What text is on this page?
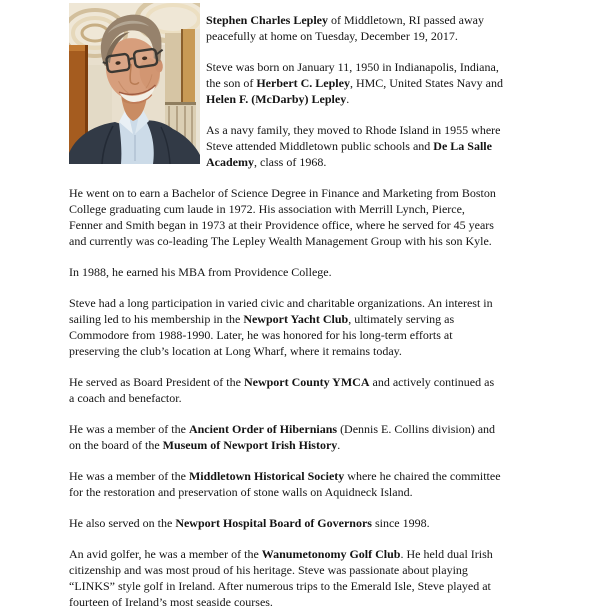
Stephen Charles Lepley of Middletown, RI passed away
peacefully at home on Tuesday, December 19, 2017.

Steve was born on January 11, 1950 in Indianapolis, Indiana,
the son of Herbert C. Lepley, HMC, United States Navy and
Helen F. (McDarby) Lepley.

As a navy family, they moved to Rhode Island in 1955 where
Steve attended Middletown public schools and De La Salle
Academy, class of 1968.

He went on to earn a Bachelor of Science Degree in Finance and Marketing from Boston
College graduating cum laude in 1972. His association with Merrill Lynch, Pierce,
Fenner and Smith began in 1973 at their Providence office, where he served for 45 years
and currently was co-leading The Lepley Wealth Management Group with his son Kyle.

In 1988, he earned his MBA from Providence College.

Steve had a long participation in varied civic and charitable organizations. An interest in
sailing led to his membership in the Newport Yacht Club, ultimately serving as
Commodore from 1988-1990. Later, he was honored for his long-term efforts at
preserving the club’s location at Long Wharf, where it remains today.

He served as Board President of the Newport County YMCA and actively continued as
a coach and benefactor.

He was a member of the Ancient Order of Hibernians (Dennis E. Collins division) and
on the board of the Museum of Newport Irish History.

He was a member of the Middletown Historical Society where he chaired the committee
for the restoration and preservation of stone walls on Aquidneck Island.

He also served on the Newport Hospital Board of Governors since 1998.

An avid golfer, he was a member of the Wanumetonomy Golf Club. He held dual Irish
citizenship and was most proud of his heritage. Steve was passionate about playing
“LINKS” style golf in Ireland. After numerous trips to the Emerald Isle, Steve played at
fourteen of Ireland’s most seaside courses.
